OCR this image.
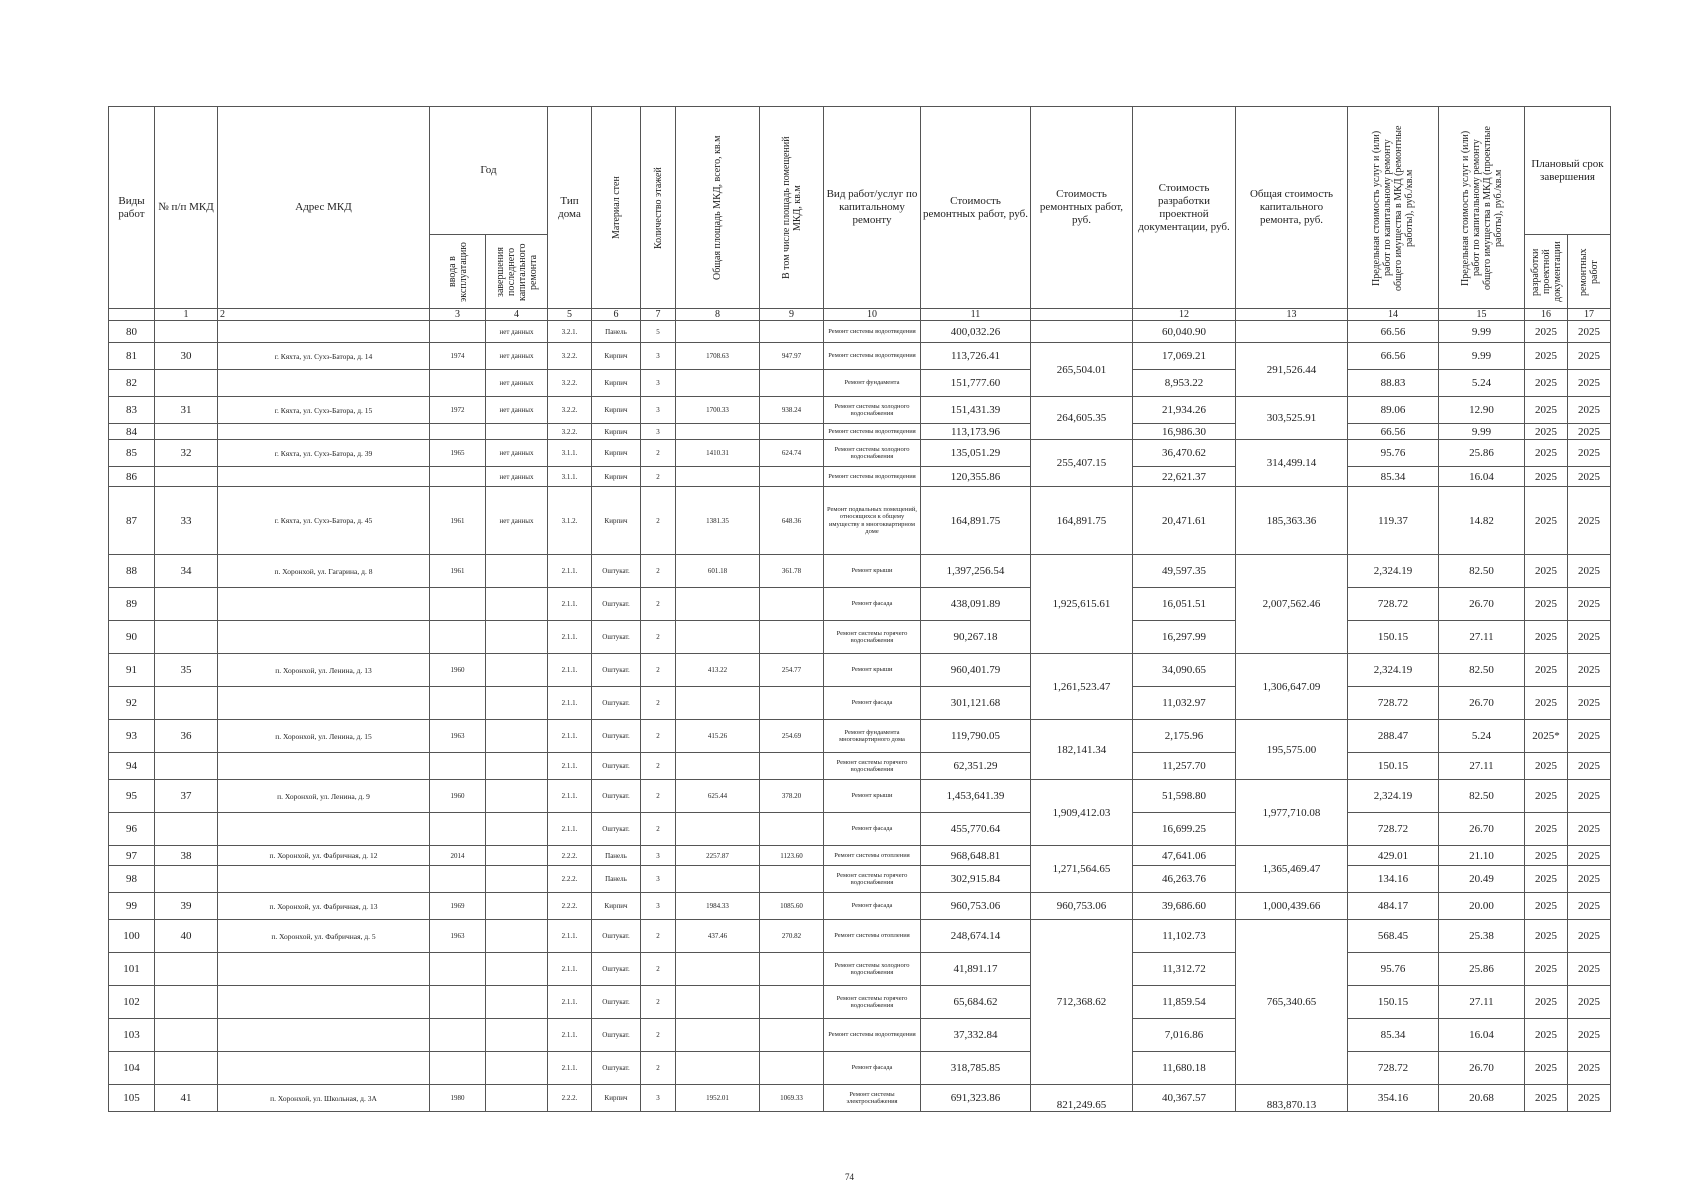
Виды работ	№ п/п МКД	Адрес МКД	Год		Тип дома	Материал стен	Количество этажей	Общая площадь МКД, всего, кв.м	В том числе площадь помещений МКД, кв.м	Вид работ/услуг по капитальному ремонту	Стоимость ремонтных работ, руб.	Стоимость ремонтных работ, руб.	Стоимость разработки проектной документации, руб.	Общая стоимость капитального ремонта, руб.	Предельная стоимость услуг и (или) работ по капитальному ремонту общего имущества в МКД (ремонтные работы), руб./кв.м	Предельная стоимость услуг и (или) работ по капитальному ремонту общего имущества в МКД (проектные работы), руб./кв.м	Плановый срок завершения	

			ввода в эксплуатацию	завершения последнего капитального ремонта													разработки проектной документации	ремонтных работ

	1	2	3	4	5	6	7	8	9	10	11		12	13	14	15	16	17
80				нет данных	3.2.1.	Панель	5			Ремонт системы водоотведения	400,032.26		60,040.90		66.56	9.99	2025	2025
81	30	г. Кяхта, ул. Сухэ-Батора, д. 14	1974	нет данных	3.2.2.	Кирпич	3	1708.63	947.97	Ремонт системы водоотведения	113,726.41	265,504.01	17,069.21	291,526.44	66.56	9.99	2025	2025
82				нет данных	3.2.2.	Кирпич	3			Ремонт фундамента	151,777.60		8,953.22		88.83	5.24	2025	2025
83	31	г. Кяхта, ул. Сухэ-Батора, д. 15	1972	нет данных	3.2.2.	Кирпич	3	1700.33	938.24	Ремонт системы холодного водоснабжения	151,431.39	264,605.35	21,934.26	303,525.91	89.06	12.90	2025	2025
84					3.2.2.	Кирпич	3			Ремонт системы водоотведения	113,173.96		16,986.30		66.56	9.99	2025	2025
85	32	г. Кяхта, ул. Сухэ-Батора, д. 39	1965	нет данных	3.1.1.	Кирпич	2	1410.31	624.74	Ремонт системы холодного водоснабжения	135,051.29	255,407.15	36,470.62	314,499.14	95.76	25.86	2025	2025
86				нет данных	3.1.1.	Кирпич	2			Ремонт системы водоотведения	120,355.86		22,621.37		85.34	16.04	2025	2025
87	33	г. Кяхта, ул. Сухэ-Батора, д. 45	1961	нет данных	3.1.2.	Кирпич	2	1381.35	648.36	Ремонт подвальных помещений, относящихся к общему имуществу в многоквартирном доме	164,891.75	164,891.75	20,471.61	185,363.36	119.37	14.82	2025	2025
88	34	п. Хоронхой, ул. Гагарина, д. 8	1961		2.1.1.	Оштукат.	2	601.18	361.78	Ремонт крыши	1,397,256.54	1,925,615.61	49,597.35	2,007,562.46	2,324.19	82.50	2025	2025
89					2.1.1.	Оштукат.	2			Ремонт фасада	438,091.89		16,051.51		728.72	26.70	2025	2025
90					2.1.1.	Оштукат.	2			Ремонт системы горячего водоснабжения	90,267.18		16,297.99		150.15	27.11	2025	2025
91	35	п. Хоронхой, ул. Ленина, д. 13	1960		2.1.1.	Оштукат.	2	413.22	254.77	Ремонт крыши	960,401.79	1,261,523.47	34,090.65	1,306,647.09	2,324.19	82.50	2025	2025
92					2.1.1.	Оштукат.	2			Ремонт фасада	301,121.68		11,032.97		728.72	26.70	2025	2025
93	36	п. Хоронхой, ул. Ленина, д. 15	1963		2.1.1.	Оштукат.	2	415.26	254.69	Ремонт фундамента многоквартирного дома	119,790.05	182,141.34	2,175.96	195,575.00	288.47	5.24	2025*	2025
94					2.1.1.	Оштукат.	2			Ремонт системы горячего водоснабжения	62,351.29		11,257.70		150.15	27.11	2025	2025
95	37	п. Хоронхой, ул. Ленина, д. 9	1960		2.1.1.	Оштукат.	2	625.44	378.20	Ремонт крыши	1,453,641.39	1,909,412.03	51,598.80	1,977,710.08	2,324.19	82.50	2025	2025
96					2.1.1.	Оштукат.	2			Ремонт фасада	455,770.64		16,699.25		728.72	26.70	2025	2025
97	38	п. Хоронхой, ул. Фабричная, д. 12	2014		2.2.2.	Панель	3	2257.87	1123.60	Ремонт системы отопления	968,648.81	1,271,564.65	47,641.06	1,365,469.47	429.01	21.10	2025	2025
98					2.2.2.	Панель	3			Ремонт системы горячего водоснабжения	302,915.84		46,263.76		134.16	20.49	2025	2025
99	39	п. Хоронхой, ул. Фабричная, д. 13	1969		2.2.2.	Кирпич	3	1984.33	1085.60	Ремонт фасада	960,753.06	960,753.06	39,686.60	1,000,439.66	484.17	20.00	2025	2025
100	40	п. Хоронхой, ул. Фабричная, д. 5	1963		2.1.1.	Оштукат.	2	437.46	270.82	Ремонт системы отопления	248,674.14	712,368.62	11,102.73	765,340.65	568.45	25.38	2025	2025
101					2.1.1.	Оштукат.	2			Ремонт системы холодного водоснабжения	41,891.17		11,312.72		95.76	25.86	2025	2025
102					2.1.1.	Оштукат.	2			Ремонт системы горячего водоснабжения	65,684.62		11,859.54		150.15	27.11	2025	2025
103					2.1.1.	Оштукат.	2			Ремонт системы водоотведения	37,332.84		7,016.86		85.34	16.04	2025	2025
104					2.1.1.	Оштукат.	2			Ремонт фасада	318,785.85		11,680.18		728.72	26.70	2025	2025
105	41	п. Хоронхой, ул. Школьная, д. 3А	1980		2.2.2.	Кирпич	3	1952.01	1069.33	Ремонт системы электроснабжения	691,323.86	821,249.65	40,367.57	883,870.13	354.16	20.68	2025	2025
74
